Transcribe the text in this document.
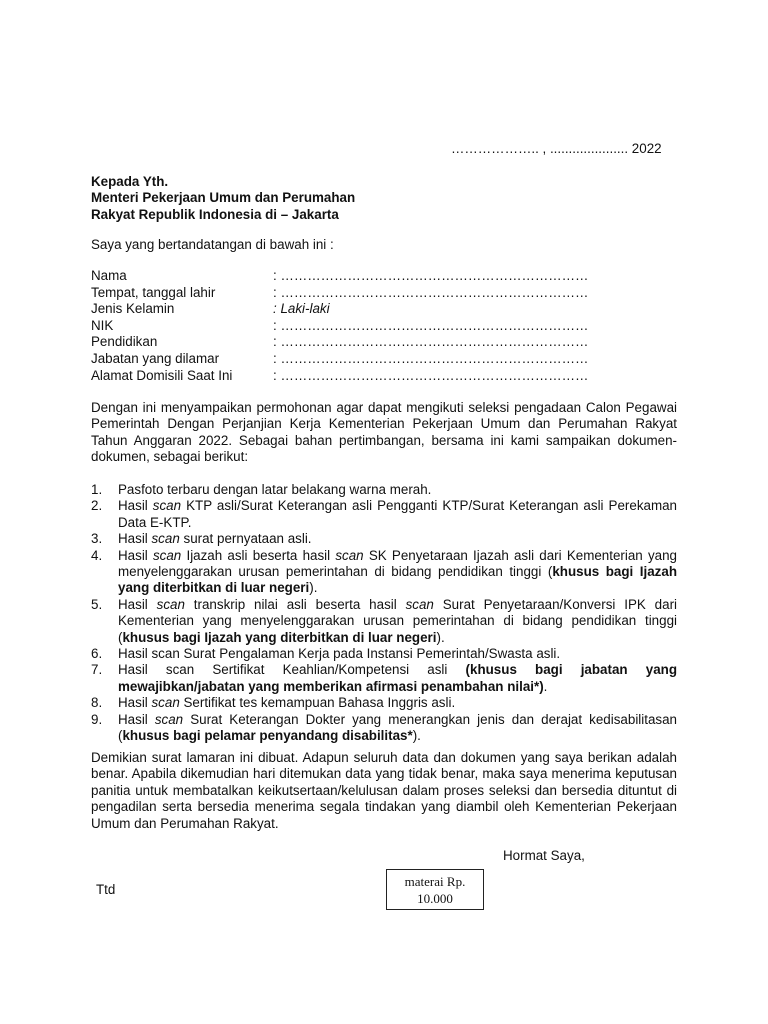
……………….. , ..................... 2022
Kepada Yth.
Menteri Pekerjaan Umum dan Perumahan
Rakyat Republik Indonesia di – Jakarta
Saya yang bertandatangan di bawah ini :
Nama	: ……………………………………………………………
Tempat, tanggal lahir	: ……………………………………………………………
Jenis Kelamin	: Laki-laki
NIK	: ……………………………………………………………
Pendidikan	: ……………………………………………………………
Jabatan yang dilamar	: ……………………………………………………………
Alamat Domisili Saat Ini	: ……………………………………………………………
Dengan ini menyampaikan permohonan agar dapat mengikuti seleksi pengadaan Calon Pegawai Pemerintah Dengan Perjanjian Kerja Kementerian Pekerjaan Umum dan Perumahan Rakyat Tahun Anggaran 2022. Sebagai bahan pertimbangan, bersama ini kami sampaikan dokumen-dokumen, sebagai berikut:
1. Pasfoto terbaru dengan latar belakang warna merah.
2. Hasil scan KTP asli/Surat Keterangan asli Pengganti KTP/Surat Keterangan asli Perekaman Data E-KTP.
3. Hasil scan surat pernyataan asli.
4. Hasil scan Ijazah asli beserta hasil scan SK Penyetaraan Ijazah asli dari Kementerian yang menyelenggarakan urusan pemerintahan di bidang pendidikan tinggi (khusus bagi Ijazah yang diterbitkan di luar negeri).
5. Hasil scan transkrip nilai asli beserta hasil scan Surat Penyetaraan/Konversi IPK dari Kementerian yang menyelenggarakan urusan pemerintahan di bidang pendidikan tinggi (khusus bagi Ijazah yang diterbitkan di luar negeri).
6. Hasil scan Surat Pengalaman Kerja pada Instansi Pemerintah/Swasta asli.
7. Hasil scan Sertifikat Keahlian/Kompetensi asli (khusus bagi jabatan yang mewajibkan/jabatan yang memberikan afirmasi penambahan nilai*).
8. Hasil scan Sertifikat tes kemampuan Bahasa Inggris asli.
9. Hasil scan Surat Keterangan Dokter yang menerangkan jenis dan derajat kedisabilitasan (khusus bagi pelamar penyandang disabilitas*).
Demikian surat lamaran ini dibuat. Adapun seluruh data dan dokumen yang saya berikan adalah benar. Apabila dikemudian hari ditemukan data yang tidak benar, maka saya menerima keputusan panitia untuk membatalkan keikutsertaan/kelulusan dalam proses seleksi dan bersedia dituntut di pengadilan serta bersedia menerima segala tindakan yang diambil oleh Kementerian Pekerjaan Umum dan Perumahan Rakyat.
Hormat Saya,
Ttd
materai Rp.
10.000
